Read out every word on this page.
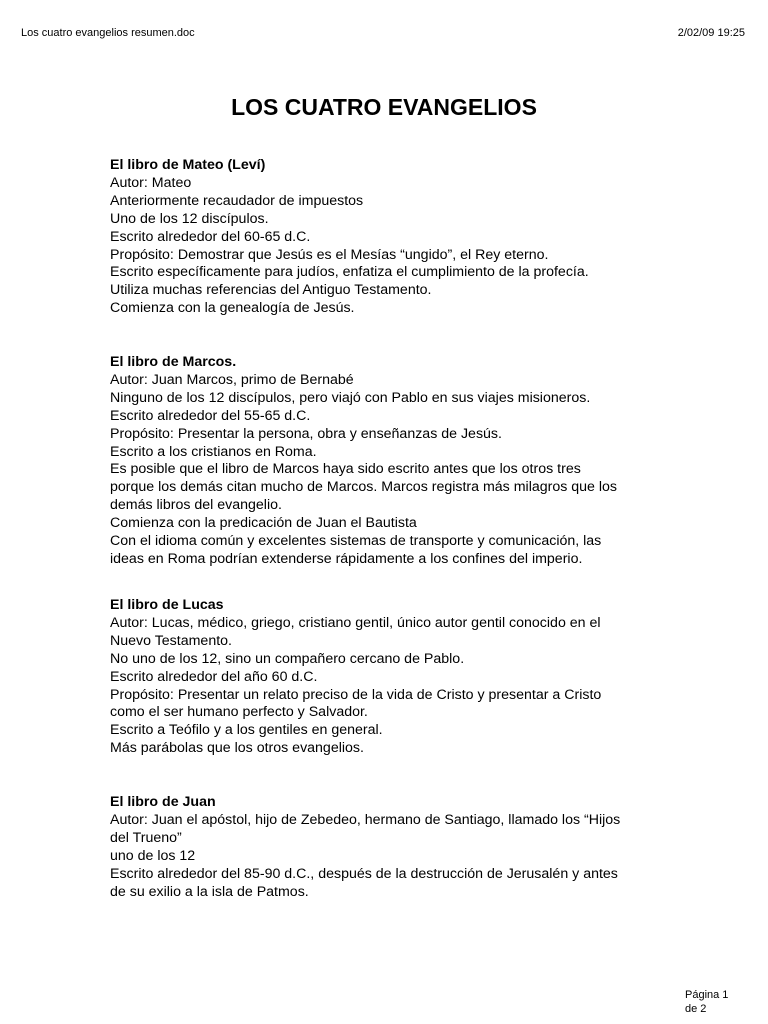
Los cuatro evangelios resumen.doc	2/02/09 19:25
LOS CUATRO EVANGELIOS
El libro de Mateo (Leví)
Autor: Mateo
Anteriormente recaudador de impuestos
Uno de los 12 discípulos.
Escrito alrededor del 60-65 d.C.
Propósito: Demostrar que Jesús es el Mesías “ungido”, el Rey eterno.
Escrito específicamente para judíos, enfatiza el cumplimiento de la profecía.
Utiliza muchas referencias del Antiguo Testamento.
Comienza con la genealogía de Jesús.
El libro de Marcos.
Autor: Juan Marcos, primo de Bernabé
Ninguno de los 12 discípulos, pero viajó con Pablo en sus viajes misioneros.
Escrito alrededor del 55-65 d.C.
Propósito: Presentar la persona, obra y enseñanzas de Jesús.
Escrito a los cristianos en Roma.
Es posible que el libro de Marcos haya sido escrito antes que los otros tres
porque los demás citan mucho de Marcos. Marcos registra más milagros que los
demás libros del evangelio.
Comienza con la predicación de Juan el Bautista
Con el idioma común y excelentes sistemas de transporte y comunicación, las
ideas en Roma podrían extenderse rápidamente a los confines del imperio.
El libro de Lucas
Autor: Lucas, médico, griego, cristiano gentil, único autor gentil conocido en el
Nuevo Testamento.
No uno de los 12, sino un compañero cercano de Pablo.
Escrito alrededor del año 60 d.C.
Propósito: Presentar un relato preciso de la vida de Cristo y presentar a Cristo
como el ser humano perfecto y Salvador.
Escrito a Teófilo y a los gentiles en general.
Más parábolas que los otros evangelios.
El libro de Juan
Autor: Juan el apóstol, hijo de Zebedeo, hermano de Santiago, llamado los “Hijos
del Trueno”
uno de los 12
Escrito alrededor del 85-90 d.C., después de la destrucción de Jerusalén y antes
de su exilio a la isla de Patmos.
Página 1
de 2
